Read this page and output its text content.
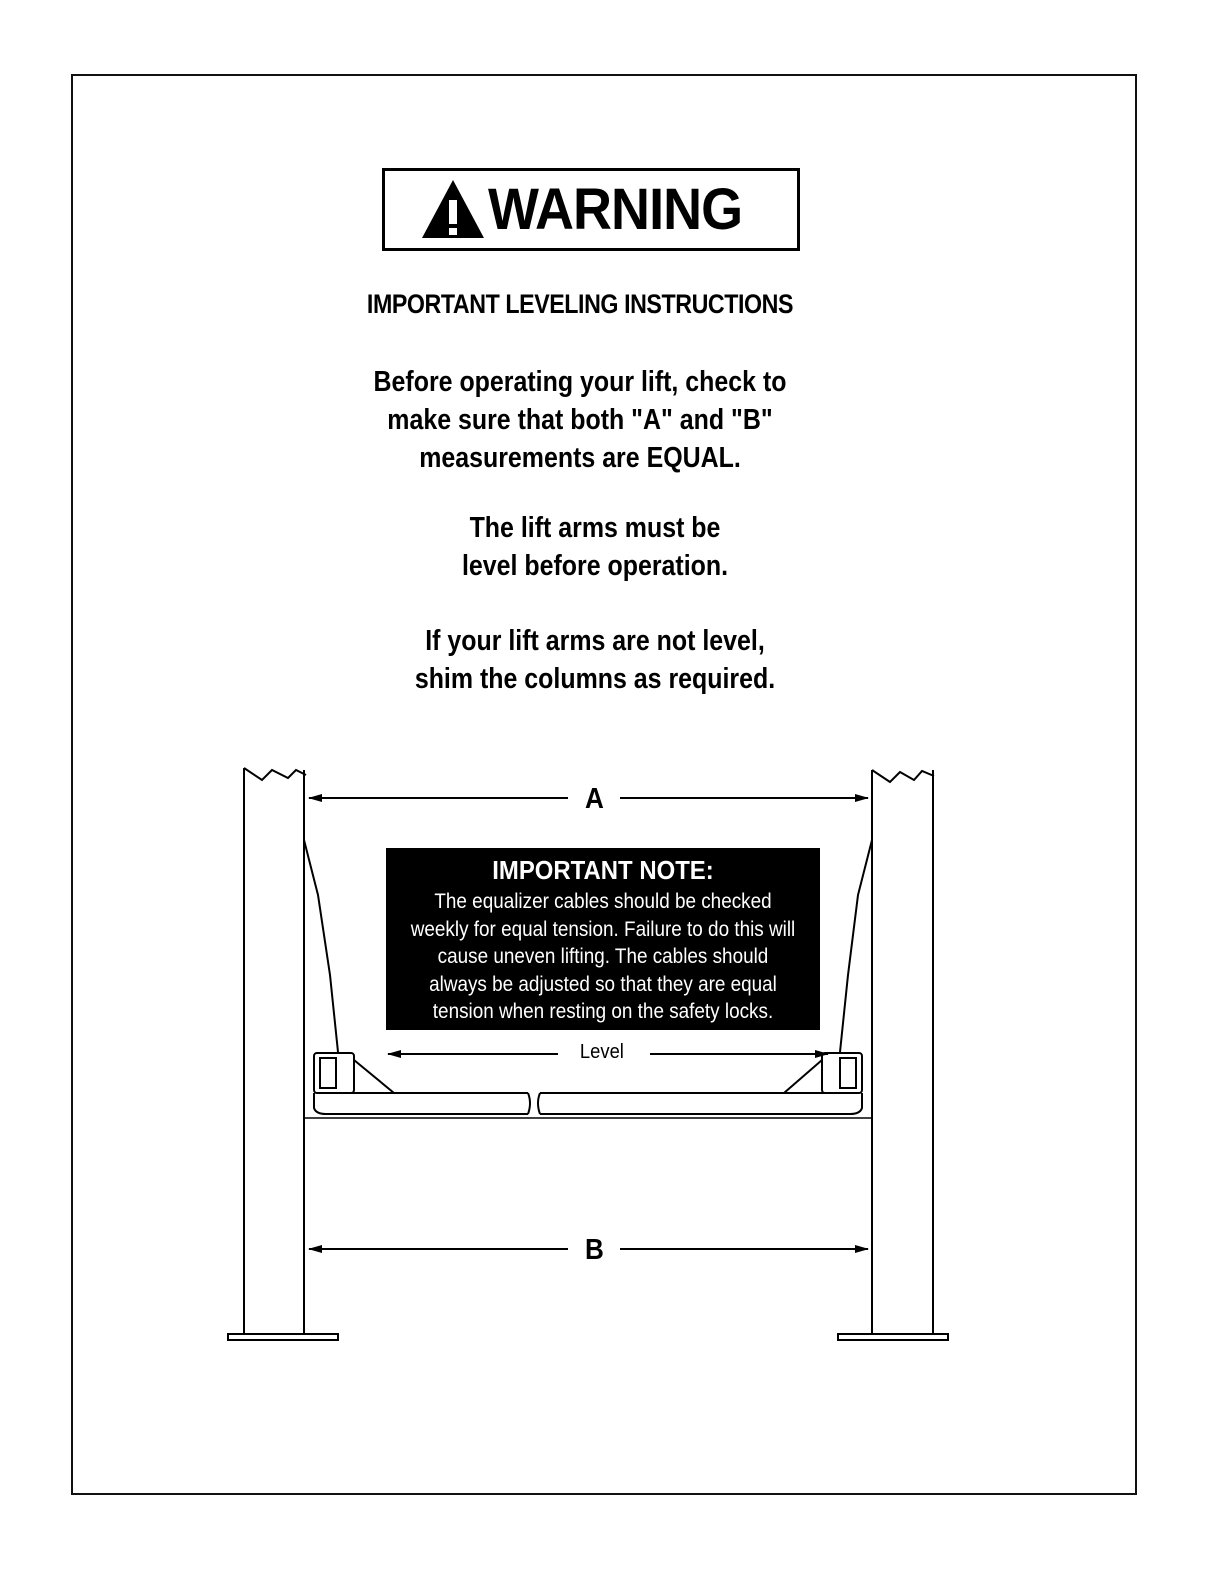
WARNING
IMPORTANT LEVELING INSTRUCTIONS
Before operating your lift, check to
make sure that both "A" and "B"
measurements are EQUAL.
The lift arms must be
level before operation.
If your lift arms are not level,
shim the columns as required.
A
B
Level
IMPORTANT NOTE:
The equalizer cables should be checked
weekly for equal tension. Failure to do this will
cause uneven lifting. The cables should
always be adjusted so that they are equal
tension when resting on the safety locks.
